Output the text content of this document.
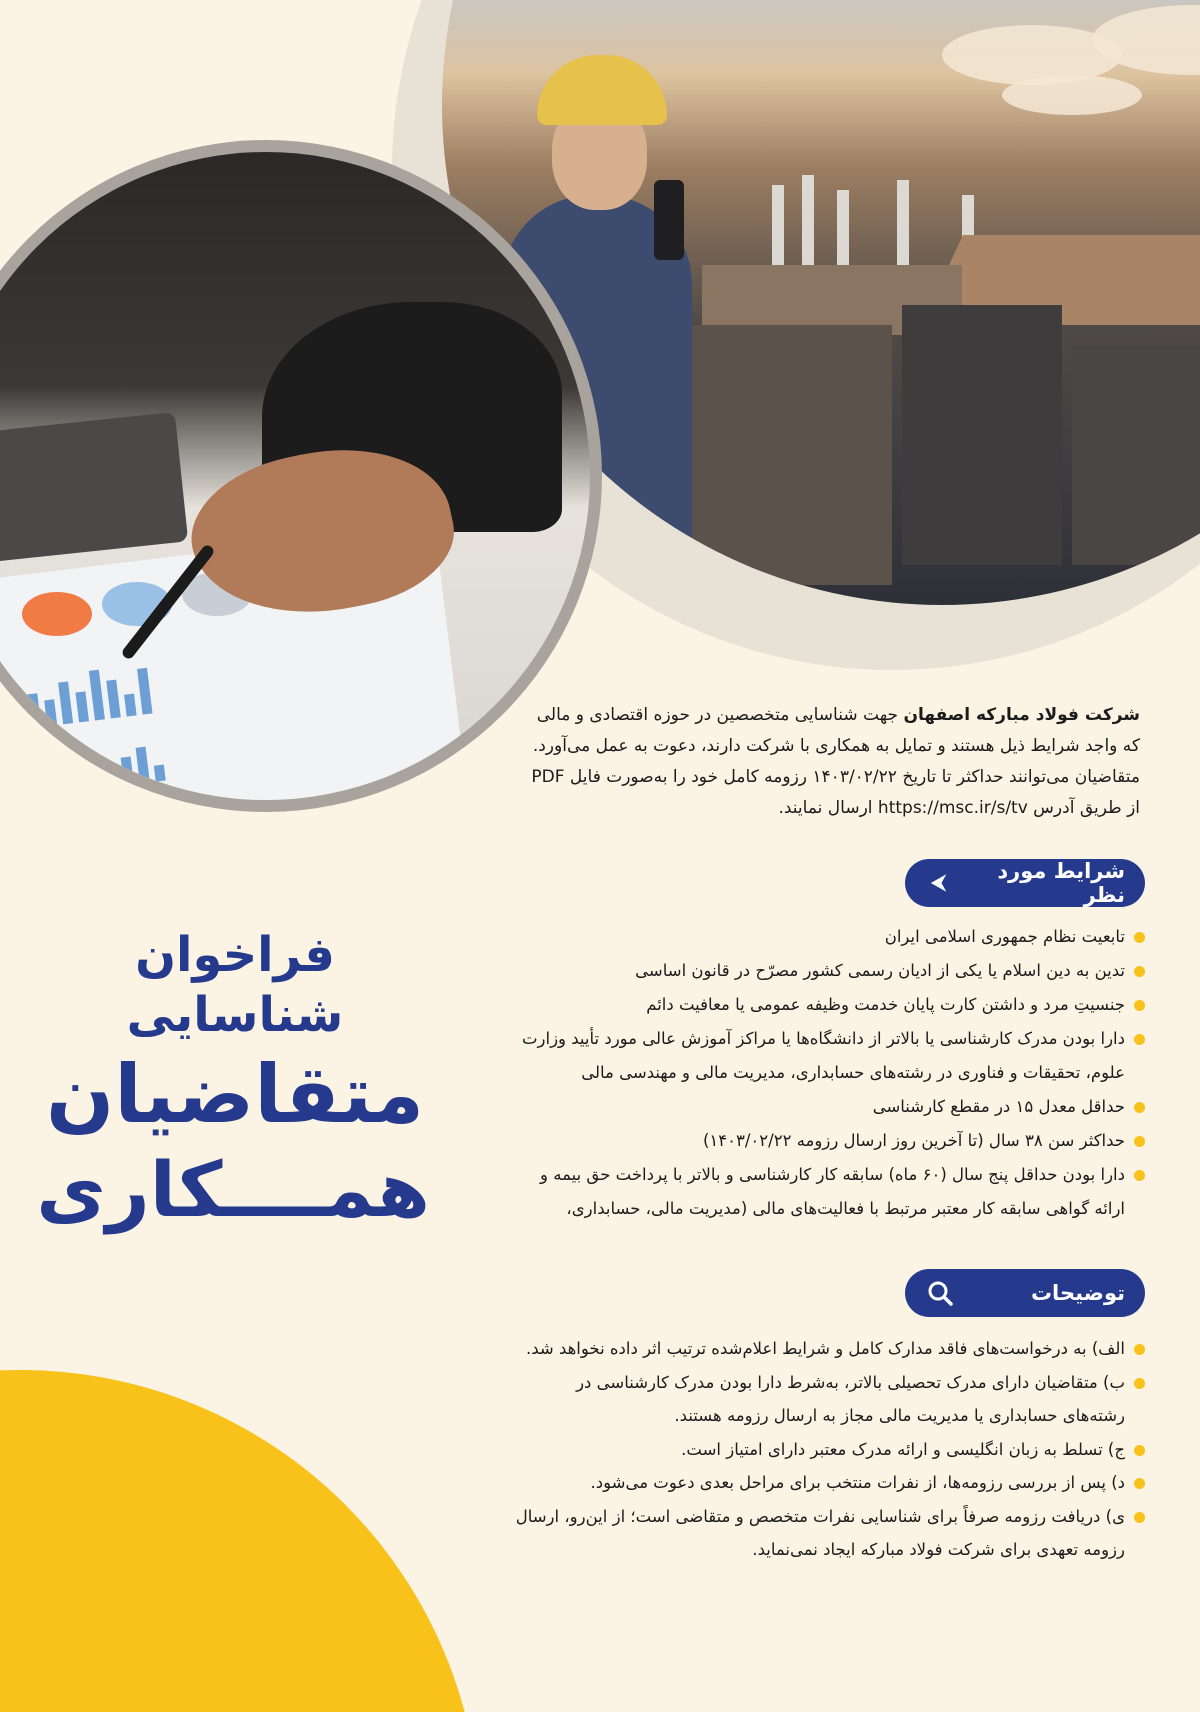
شرکت فولاد مبارکه اصفهان جهت شناسایی متخصصین در حوزه اقتصادی و مالی

که واجد شرایط ذیل هستند و تمایل به همکاری با شرکت دارند، دعوت به عمل می‌آورد.

متقاضیان می‌توانند حداکثر تا تاریخ ۱۴۰۳/۰۲/۲۲ رزومه کامل خود را به‌صورت فایل PDF

از طریق آدرس https://msc.ir/s/tv ارسال نمایند.

فراخوان شناسایی
متقاضیان
همــــکاری
شرایط مورد نظر
تابعیت نظام جمهوری اسلامی ایران
تدین به دین اسلام یا یکی از ادیان رسمی کشور مصرّح در قانون اساسی
جنسیتِ مرد و داشتن کارت پایان خدمت وظیفه عمومی یا معافیت دائم
دارا بودن مدرک کارشناسی یا بالاتر از دانشگاه‌ها یا مراکز آموزش عالی مورد تأیید وزارت
علوم، تحقیقات و فناوری در رشته‌های حسابداری، مدیریت مالی و مهندسی مالی
حداقل معدل ۱۵ در مقطع کارشناسی
حداکثر سن ۳۸ سال (تا آخرین روز ارسال رزومه ۱۴۰۳/۰۲/۲۲)
دارا بودن حداقل پنج سال (۶۰ ماه) سابقه کار کارشناسی و بالاتر با پرداخت حق بیمه و
ارائه گواهی سابقه کار معتبر مرتبط با فعالیت‌های مالی (مدیریت مالی، حسابداری،
توضیحات
الف) به درخواست‌های فاقد مدارک کامل و شرایط اعلام‌شده ترتیب اثر داده نخواهد شد.
ب) متقاضیان دارای مدرک تحصیلی بالاتر، به‌شرط دارا بودن مدرک کارشناسی در
رشته‌های حسابداری یا مدیریت مالی مجاز به ارسال رزومه هستند.
ج) تسلط به زبان انگلیسی و ارائه مدرک معتبر دارای امتیاز است.
د) پس از بررسی رزومه‌ها، از نفرات منتخب برای مراحل بعدی دعوت می‌شود.
ی) دریافت رزومه صرفاً برای شناسایی نفرات متخصص و متقاضی است؛ از این‌رو، ارسال
رزومه تعهدی برای شرکت فولاد مبارکه ایجاد نمی‌نماید.
